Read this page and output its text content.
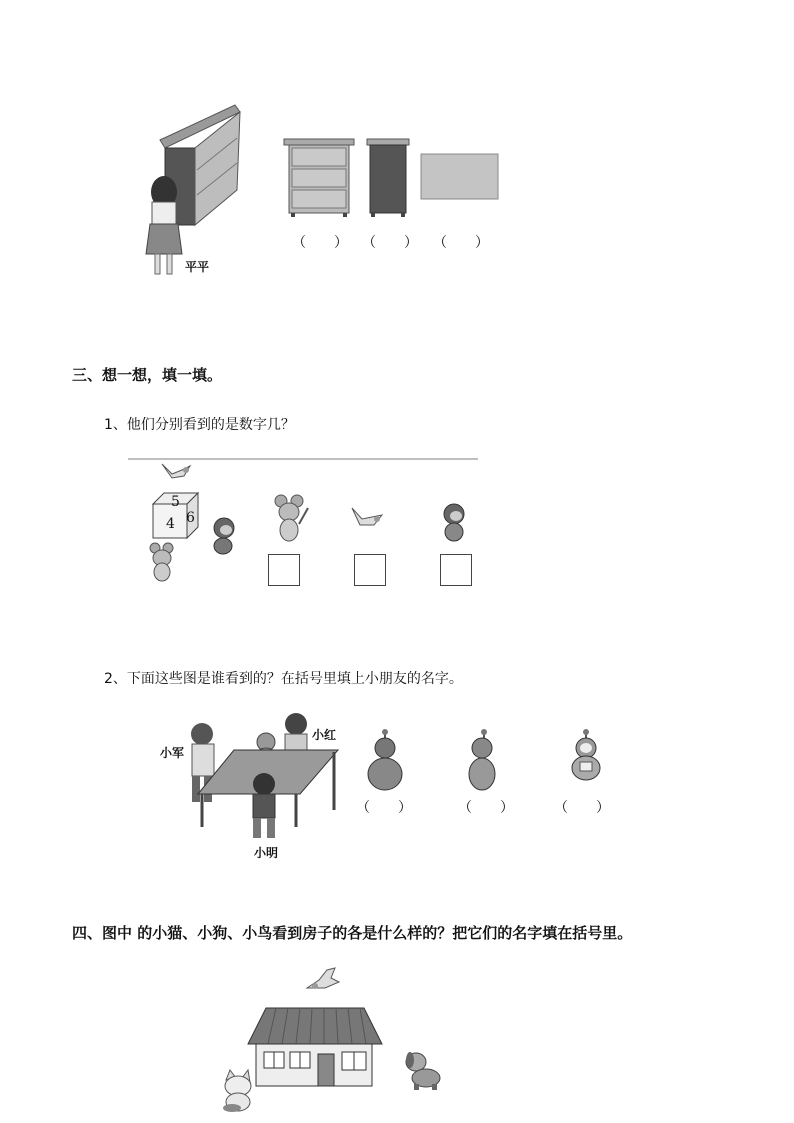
平平
（　　） （　　） （　　）
三、想一想，填一填。
1、他们分别看到的是数字几？
5
4 6
2、下面这些图是谁看到的？在括号里填上小朋友的名字。
小军
小红
小明
（　　）	（　　）	（　　）
四、图中 的小猫、小狗、小鸟看到房子的各是什么样的？把它们的名字填在括号里。
